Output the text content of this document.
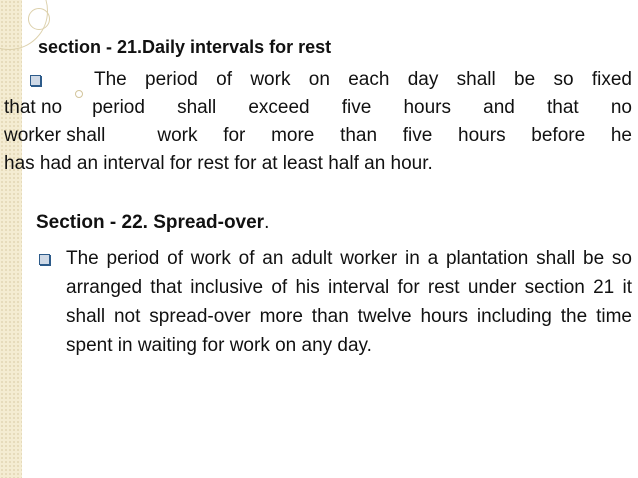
section - 21.Daily intervals for rest

The period of work on each day shall be so fixed
that no	period shall exceed five hours and that no
worker shall	work for more than five hours before he
has had an interval for rest for at least half an hour.

Section - 22. Spread-over.

The period of work of an adult worker in a plantation shall be so arranged that inclusive of his interval for rest under section 21 it shall not spread-over more than twelve hours including the time spent in waiting for work on any day.
